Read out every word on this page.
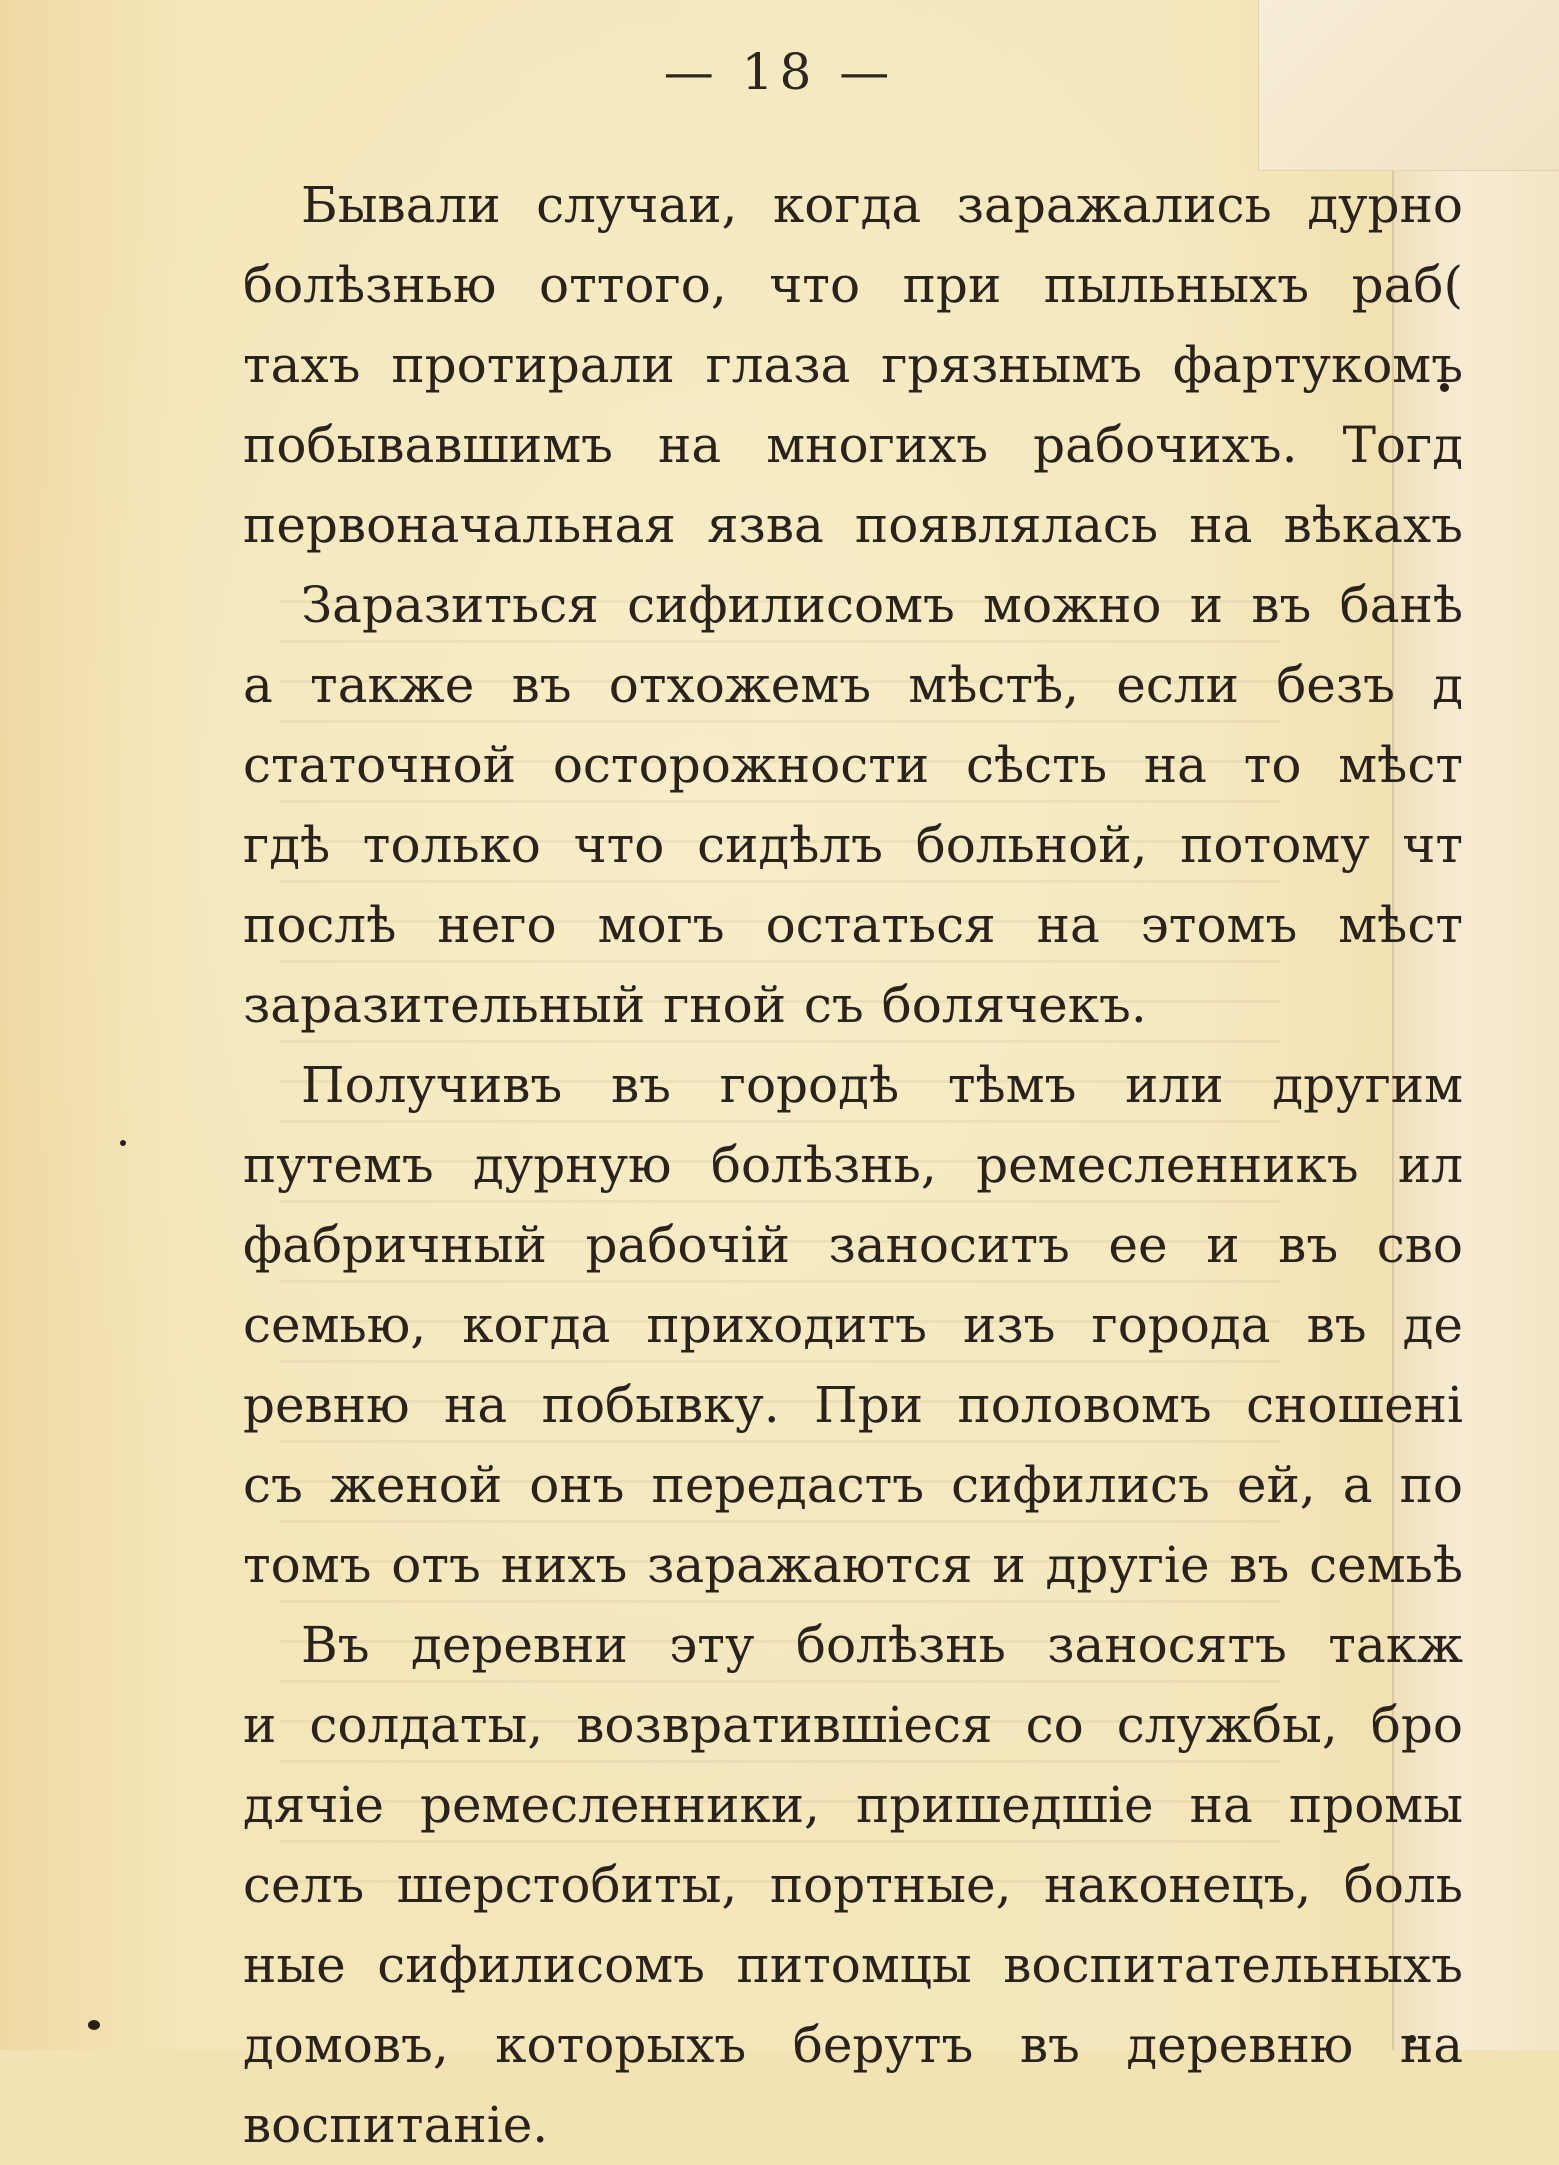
— 18 —

Бывали случаи, когда заражались дурно
болѣзнью оттого, что при пыльныхъ раб(
тахъ протирали глаза грязнымъ фартукомъ
побывавшимъ на многихъ рабочихъ. Тогд
первоначальная язва появлялась на вѣкахъ

Заразиться сифилисомъ можно и въ банѣ
а также въ отхожемъ мѣстѣ, если безъ д
статочной осторожности сѣсть на то мѣст
гдѣ только что сидѣлъ больной, потому чт
послѣ него могъ остаться на этомъ мѣст
заразительный гной съ болячекъ.

Получивъ въ городѣ тѣмъ или другим
путемъ дурную болѣзнь, ремесленникъ ил
фабричный рабочій заноситъ ее и въ сво
семью, когда приходитъ изъ города въ де
ревню на побывку. При половомъ сношені
съ женой онъ передастъ сифилисъ ей, а по
томъ отъ нихъ заражаются и другіе въ семьѣ

Въ деревни эту болѣзнь заносятъ такж
и солдаты, возвратившіеся со службы, бро
дячіе ремесленники, пришедшіе на промы
селъ шерстобиты, портные, наконецъ, боль
ные сифилисомъ питомцы воспитательныхъ
домовъ, которыхъ берутъ въ деревню на
воспитаніе.
